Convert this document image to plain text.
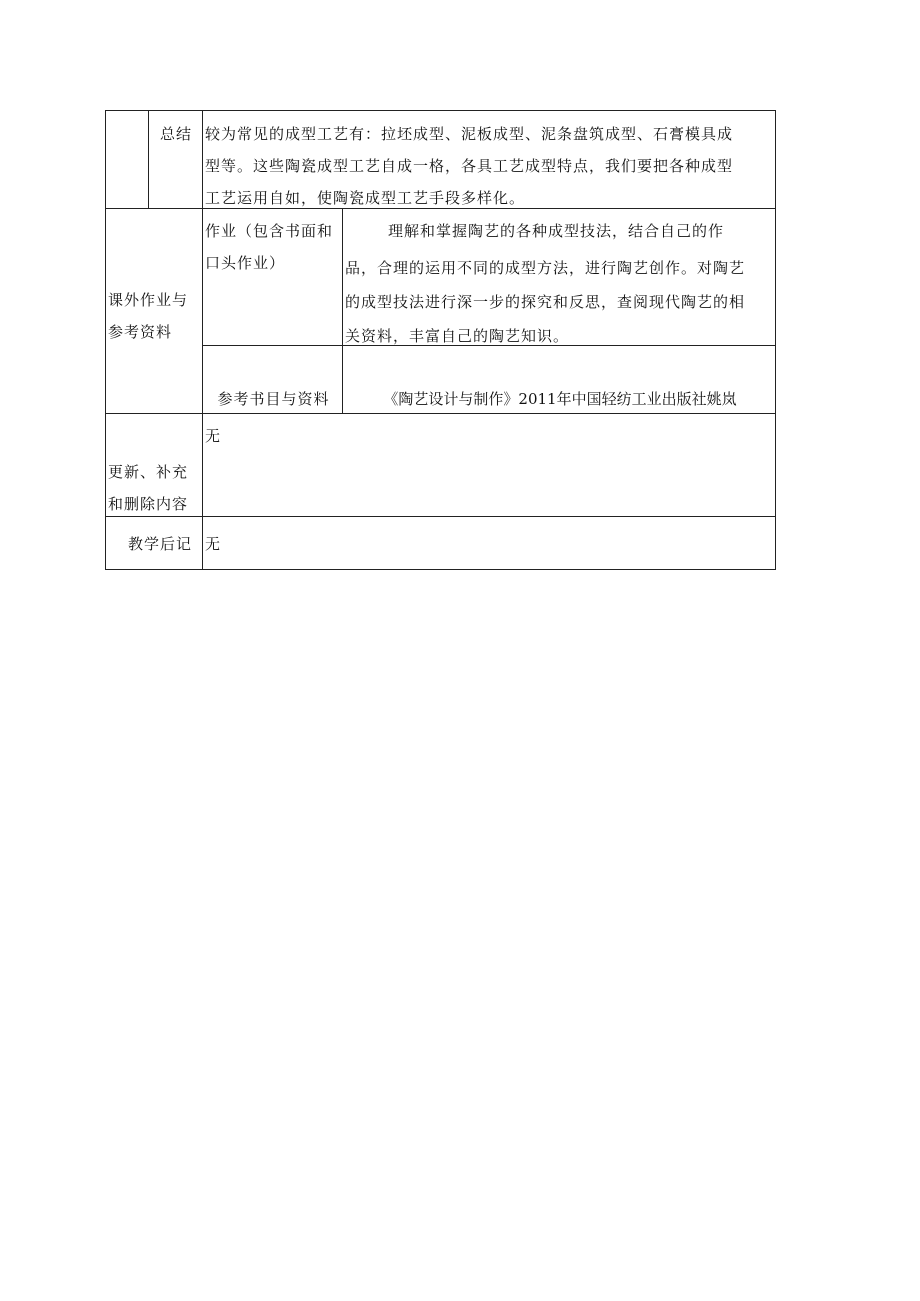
总结 较为常见的成型工艺有：拉坯成型、泥板成型、泥条盘筑成型、石膏模具成
型等。这些陶瓷成型工艺自成一格，各具工艺成型特点，我们要把各种成型
工艺运用自如，使陶瓷成型工艺手段多样化。
课外作业与
参考资料
作业（包含书面和
口头作业）
理解和掌握陶艺的各种成型技法，结合自己的作
品，合理的运用不同的成型方法，进行陶艺创作。对陶艺
的成型技法进行深一步的探究和反思，查阅现代陶艺的相
关资料，丰富自己的陶艺知识。
参考书目与资料	《陶艺设计与制作》2011年中国轻纺工业出版社姚岚
更新、补充
和删除内容
无
教学后记 无
